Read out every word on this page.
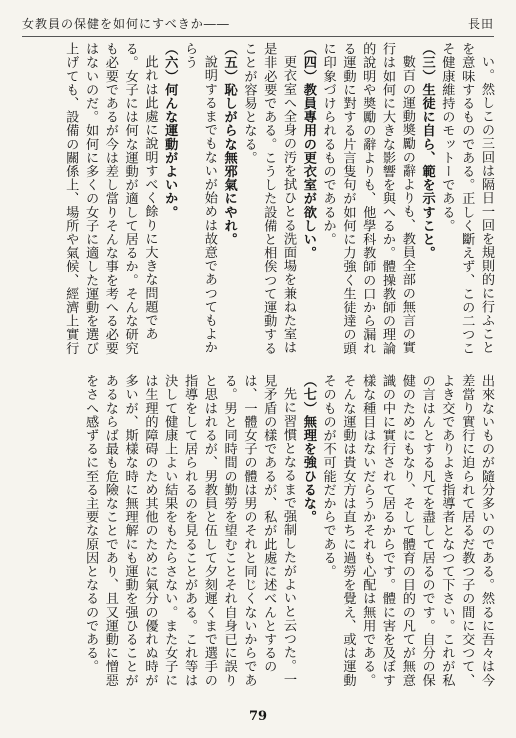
女教員の保健を如何にすべきか――	長田

い。然しこの三回は隔日一回を規則的に行ふことを意味するものである。正しく斷えず、この二つこそ健康維持のモットーである。

（三）生徒に自ら、範を示すこと。

數百の運動奬勵の辭よりも、教員全部の無言の實行は如何に大きな影響を與へるか。體操教師の理論的說明や奬勵の辭よりも、他學科教師の口から漏れる運動に對する片言隻句が如何に力強く生徒達の頭に印象づけられるものであるか。

（四）教員專用の更衣室が欲しい。

更衣室へ全身の汚を拭ひとる洗面場を兼ねた室は是非必要である。こうした設備と相俟つて運動することが容易となる。

（五）恥しがらな無邪氣にやれ。

說明するまでもないが始めは故意であつてもよからう

（六）何んな運動がよいか。

此れは此處に說明すべく餘りに大きな問題である。女子には何な運動が適して居るか。そんな研究も必要であるが今は差し當りそんな事を考へる必要はないのだ。如何に多くの女子に適した運動を選び上げても、設備の關係上、場所や氣候、經濟上實行出來ないものが隨分多いのである。然るに吾々は今差當り實行に迫られて居るだ教つ子の間に交つて、よき交でありよき指導者となつて下さい。これが私の言はんとする凡てを盡して居るのです。自分の保健のためにもなり、そして體育の目的の凡てが無意識の中に實行されて居るからです。體に害を及ぼす樣な種目はないだらうかそれも心配は無用である。そんな運動は貴女方は直ちに過勞を覺え、或は運動そのものが不可能だからである。

（七）無理を強ひるな。

先に習慣となるまで强制したがよいと云つた。一見矛盾の樣であるが、私が此處に述べんとするのは、一體女子の體は男のそれと同じくないからである。男と同時間の勤勞を望むことそれ自身已に誤りと思はれるが、男教員と伍して夕刻遲くまで選手の指導をして居られるのを見ることがある。これ等は決して健康上よい結果をもたらさない。また女子には生理的障碍のため其他のために氣分の優れぬ時が多いが、斯樣な時に無理解にも運動を强ひることがあるならば最も危險なことであり、且又運動に憎惡をさへ感ずるに至る主要な原因となるのである。

79
